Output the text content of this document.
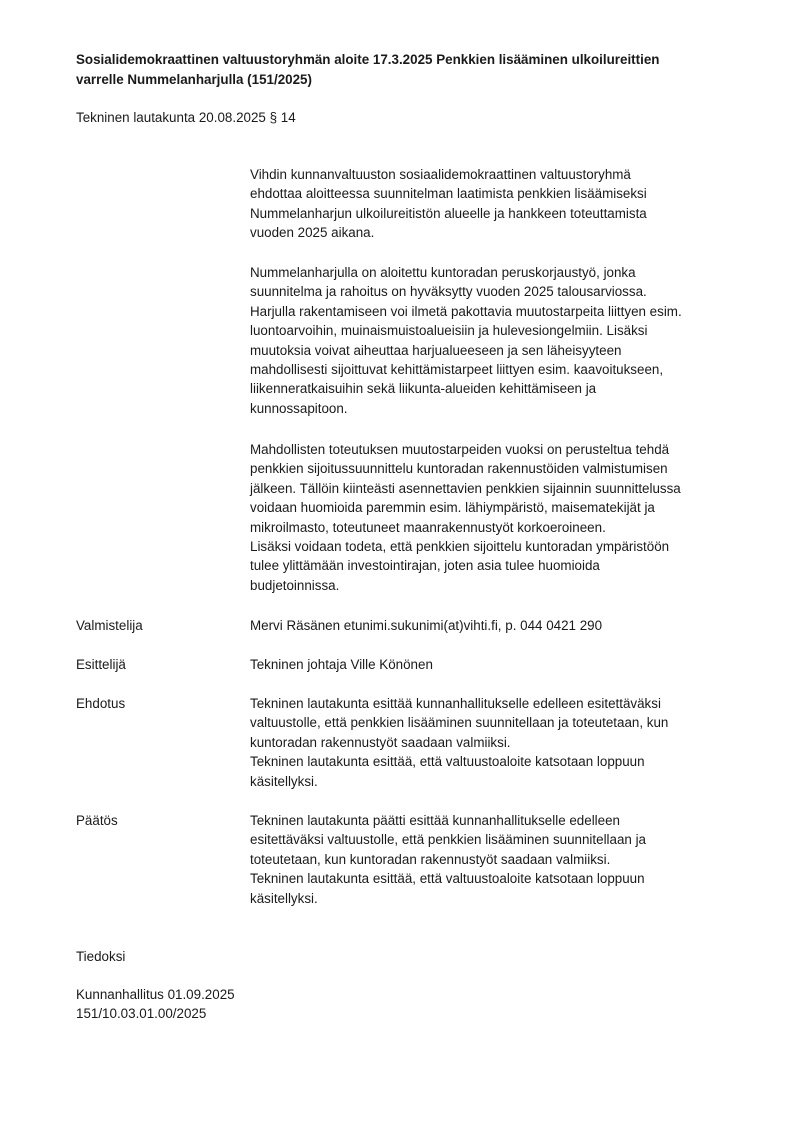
Sosialidemokraattinen valtuustoryhmän aloite 17.3.2025 Penkkien lisääminen ulkoilureittien

varrelle Nummelanharjulla (151/2025)

Tekninen lautakunta 20.08.2025 § 14

Vihdin kunnanvaltuuston sosiaalidemokraattinen valtuustoryhmä

ehdottaa aloitteessa suunnitelman laatimista penkkien lisäämiseksi

Nummelanharjun ulkoilureitistön alueelle ja hankkeen toteuttamista

vuoden 2025 aikana.

Nummelanharjulla on aloitettu kuntoradan peruskorjaustyö, jonka

suunnitelma ja rahoitus on hyväksytty vuoden 2025 talousarviossa.

Harjulla rakentamiseen voi ilmetä pakottavia muutostarpeita liittyen esim.

luontoarvoihin, muinaismuistoalueisiin ja hulevesiongelmiin. Lisäksi

muutoksia voivat aiheuttaa harjualueeseen ja sen läheisyyteen

mahdollisesti sijoittuvat kehittämistarpeet liittyen esim. kaavoitukseen,

liikenneratkaisuihin sekä liikunta-alueiden kehittämiseen ja

kunnossapitoon.

Mahdollisten toteutuksen muutostarpeiden vuoksi on perusteltua tehdä

penkkien sijoitussuunnittelu kuntoradan rakennustöiden valmistumisen

jälkeen. Tällöin kiinteästi asennettavien penkkien sijainnin suunnittelussa

voidaan huomioida paremmin esim. lähiympäristö, maisematekijät ja

mikroilmasto, toteutuneet maanrakennustyöt korkoeroineen.

Lisäksi voidaan todeta, että penkkien sijoittelu kuntoradan ympäristöön

tulee ylittämään investointirajan, joten asia tulee huomioida

budjetoinnissa.

Valmistelija	Mervi Räsänen etunimi.sukunimi(at)vihti.fi, p. 044 0421 290

Esittelijä	Tekninen johtaja Ville Könönen

Ehdotus	Tekninen lautakunta esittää kunnanhallitukselle edelleen esitettäväksi

valtuustolle, että penkkien lisääminen suunnitellaan ja toteutetaan, kun

kuntoradan rakennustyöt saadaan valmiiksi.

Tekninen lautakunta esittää, että valtuustoaloite katsotaan loppuun

käsitellyksi.

Päätös	Tekninen lautakunta päätti esittää kunnanhallitukselle edelleen

esitettäväksi valtuustolle, että penkkien lisääminen suunnitellaan ja

toteutetaan, kun kuntoradan rakennustyöt saadaan valmiiksi.

Tekninen lautakunta esittää, että valtuustoaloite katsotaan loppuun

käsitellyksi.

Tiedoksi

Kunnanhallitus 01.09.2025

151/10.03.01.00/2025
